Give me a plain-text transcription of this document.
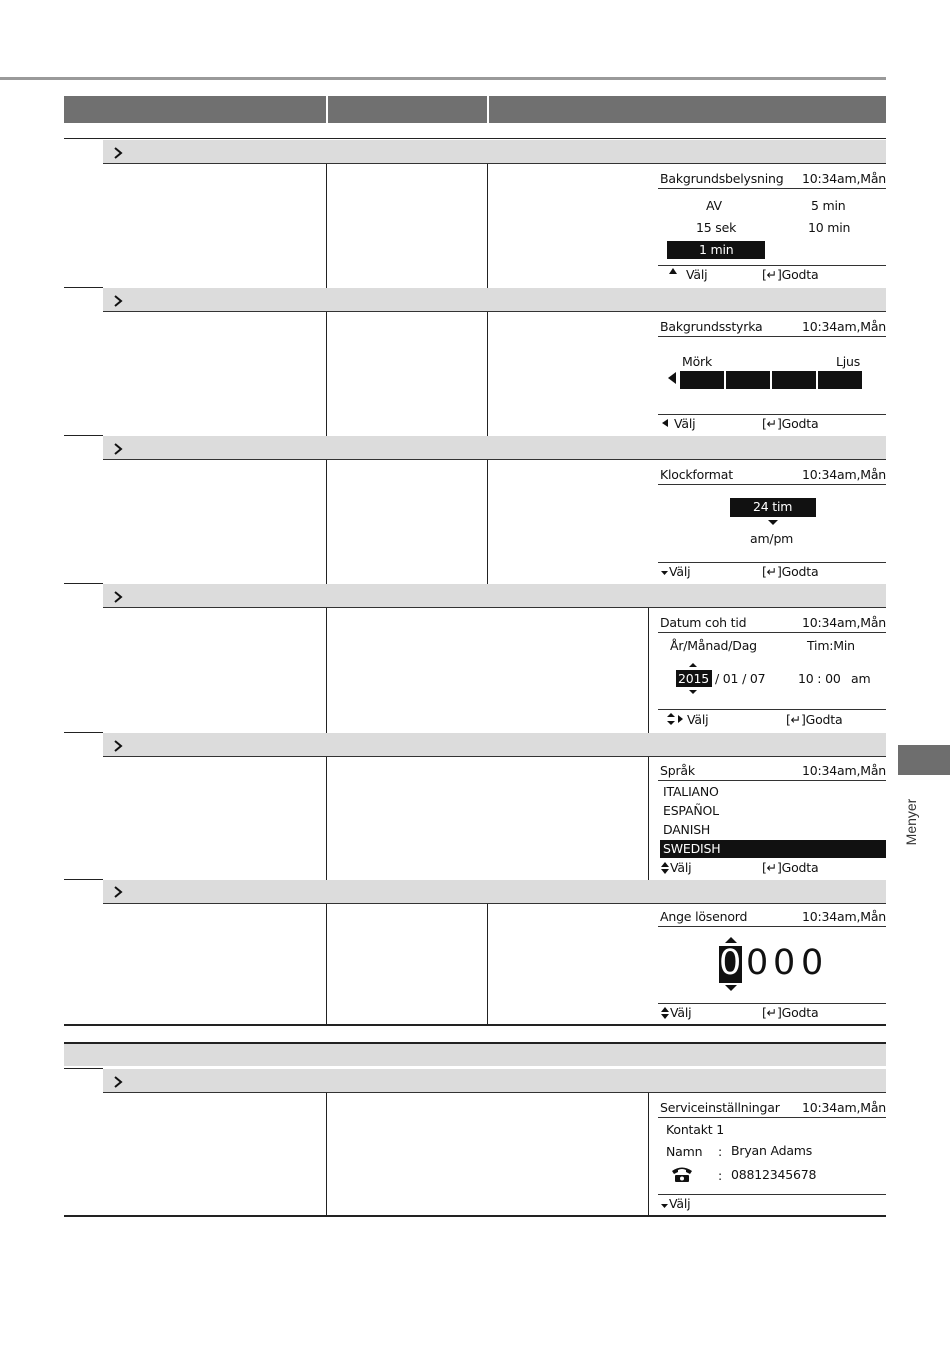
Menyer
Bakgrundsbelysning 10:34am,Mån
AV	5 min
15 sek	10 min
1 min
Välj	[↵]Godta
Bakgrundsstyrka	10:34am,Mån
Mörk	Ljus
Välj	[↵]Godta
Klockformat	10:34am,Mån
24 tim
am/pm
Välj	[↵]Godta
Datum coh tid	10:34am,Mån
År/Månad/Dag	Tim:Min
2015 / 01 / 07	10 : 00 am
Välj	[↵]Godta
Språk	10:34am,Mån
ITALIANO
ESPAÑOL
DANISH
SWEDISH
Välj	[↵]Godta
Ange lösenord	10:34am,Mån
0 0 0 0
Välj	[↵]Godta
Serviceinställningar 10:34am,Mån
Kontakt 1
Namn : Bryan Adams
: 08812345678
Välj
